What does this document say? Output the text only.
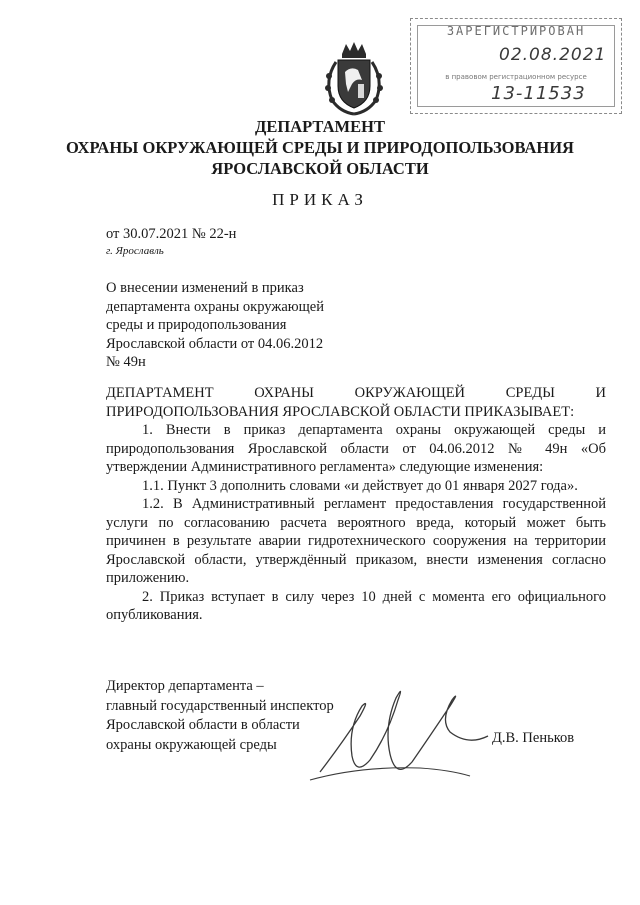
ЗАРЕГИСТРИРОВАН
02.08.2021
в правовом регистрационном ресурсе
13-11533
ДЕПАРТАМЕНТ
ОХРАНЫ ОКРУЖАЮЩЕЙ СРЕДЫ И ПРИРОДОПОЛЬЗОВАНИЯ
ЯРОСЛАВСКОЙ ОБЛАСТИ
ПРИКАЗ
от 30.07.2021 № 22-н
г. Ярославль
О внесении изменений в приказ
департамента охраны окружающей
среды и природопользования
Ярославской области от 04.06.2012
№ 49н

ДЕПАРТАМЕНТ ОХРАНЫ ОКРУЖАЮЩЕЙ СРЕДЫ И

ПРИРОДОПОЛЬЗОВАНИЯ ЯРОСЛАВСКОЙ ОБЛАСТИ ПРИКАЗЫВАЕТ:

1. Внести в приказ департамента охраны окружающей среды и природопользования Ярославской области от 04.06.2012 № 49н «Об утверждении Административного регламента» следующие изменения:

1.1. Пункт 3 дополнить словами «и действует до 01 января 2027 года».

1.2. В Административный регламент предоставления государственной услуги по согласованию расчета вероятного вреда, который может быть причинен в результате аварии гидротехнического сооружения на территории Ярославской области, утверждённый приказом, внести изменения согласно приложению.

2. Приказ вступает в силу через 10 дней с момента его официального опубликования.

Директор департамента –
главный государственный инспектор
Ярославской области в области
охраны окружающей среды	Д.В. Пеньков
